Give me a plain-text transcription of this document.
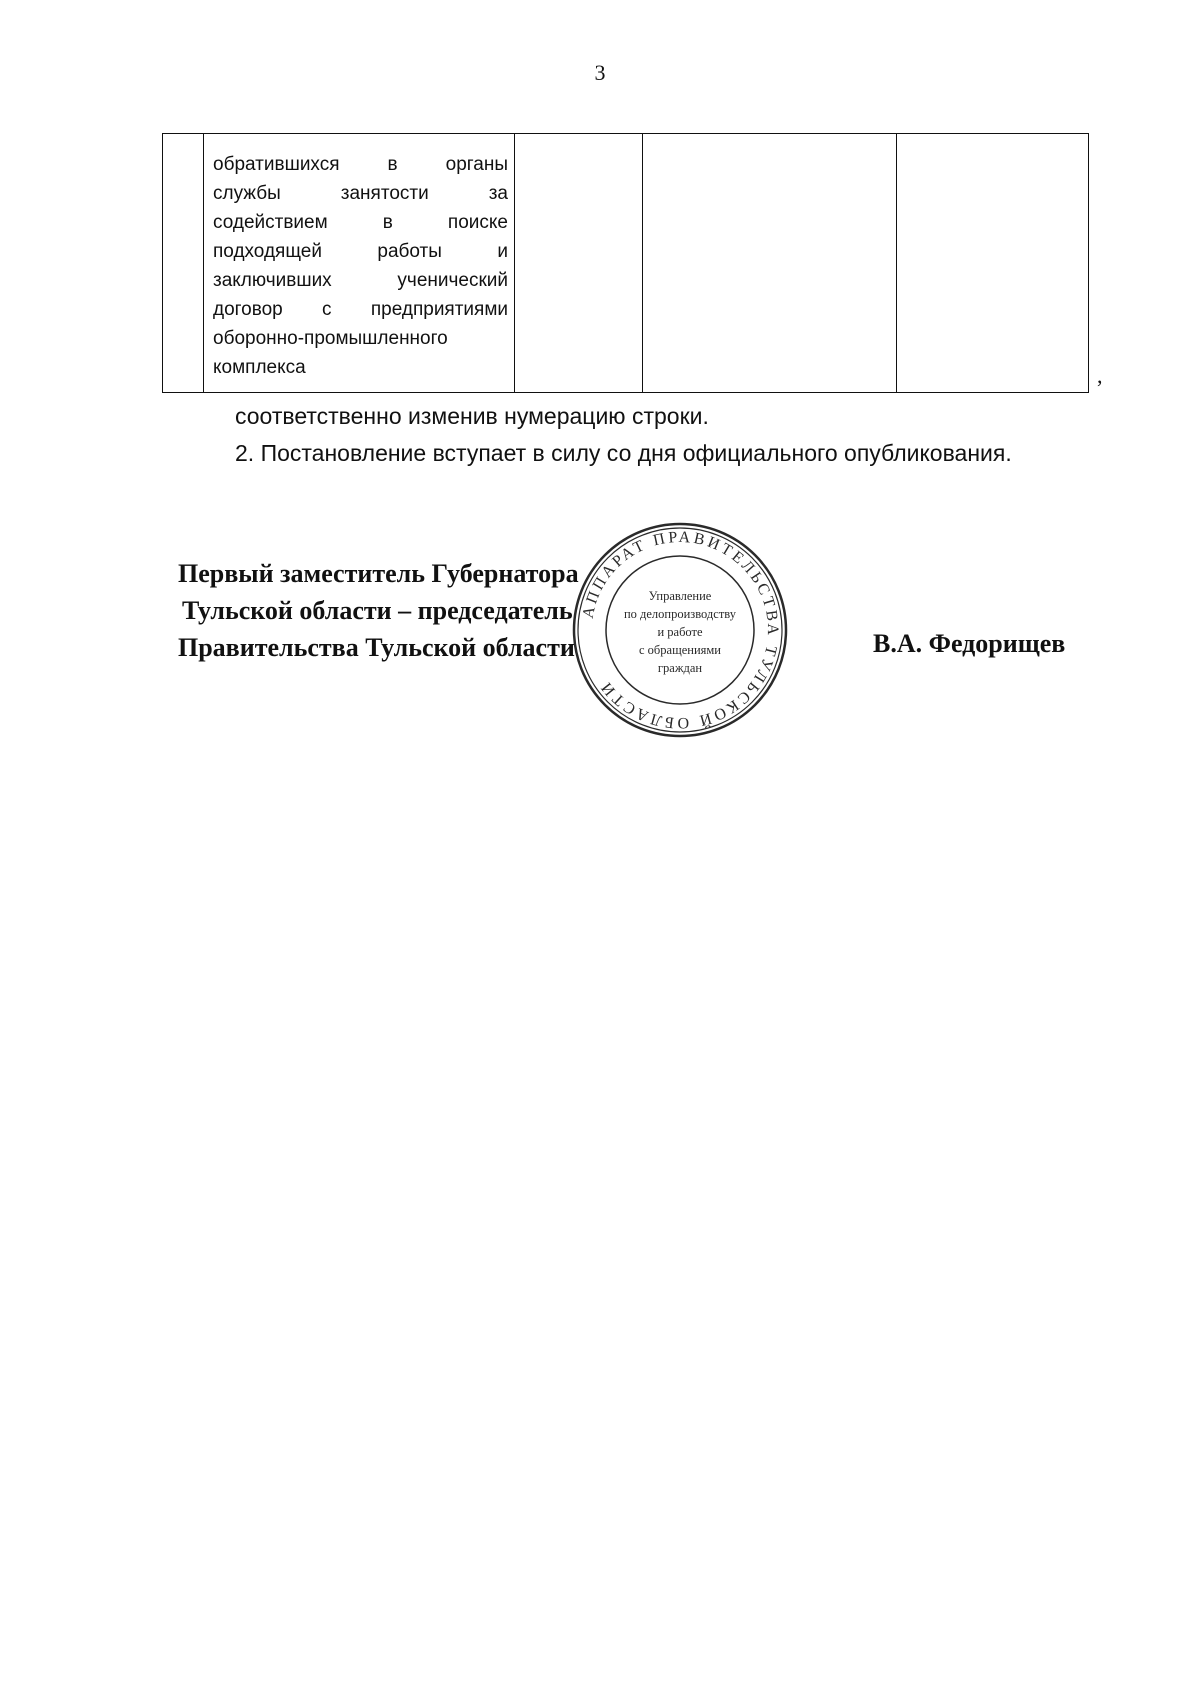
3

обратившихся в органы
службы занятости за
содействием в поиске
подходящей работы и
заключивших ученический
договор с предприятиями
оборонно-промышленного
комплекса
				,
соответственно изменив нумерацию строки.
2. Постановление вступает в силу со дня официального опубликования.
Первый заместитель Губернатора
Тульской области – председатель
Правительства Тульской области	В.А. Федорищев
АППАРАТ ПРАВИТЕЛЬСТВА ТУЛЬСКОЙ ОБЛАСТИ
Управление
по делопроизводству
и работе
с обращениями
граждан
